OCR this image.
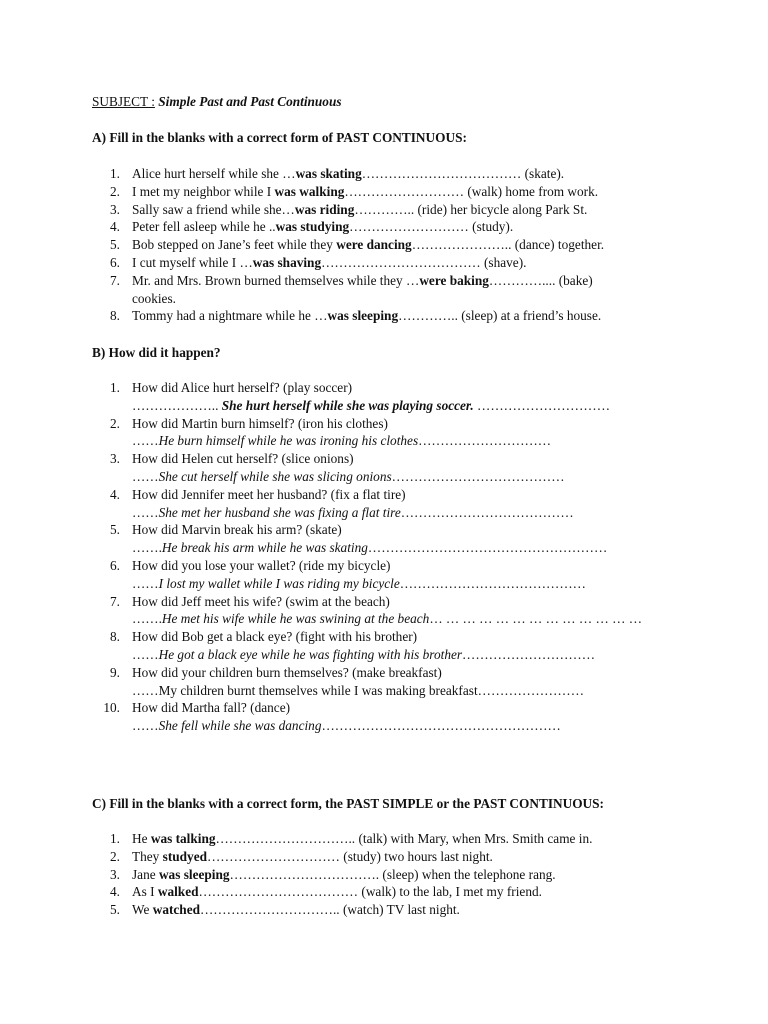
SUBJECT : Simple Past and Past Continuous
A) Fill in the blanks with a correct form of PAST CONTINUOUS:
1. Alice hurt herself while she …was skating……………………………… (skate).
2. I met my neighbor while I was walking……………………… (walk) home from work.
3. Sally saw a friend while she…was riding………….. (ride) her bicycle along Park St.
4. Peter fell asleep while he ..was studying……………………… (study).
5. Bob stepped on Jane’s feet while they were dancing………………….. (dance) together.
6. I cut myself while I …was shaving……………………………… (shave).
7. Mr. and Mrs. Brown burned themselves while they …were baking………….... (bake)
cookies.
8. Tommy had a nightmare while he …was sleeping………….. (sleep) at a friend’s house.
B) How did it happen?
1. How did Alice hurt herself? (play soccer)
……………….. She hurt herself while she was playing soccer. …………………………
2. How did Martin burn himself? (iron his clothes)
……He burn himself while he was ironing his clothes…………………………
3. How did Helen cut herself? (slice onions)
……She cut herself while she was slicing onions…………………………………
4. How did Jennifer meet her husband? (fix a flat tire)
……She met her husband she was fixing a flat tire…………………………………
5. How did Marvin break his arm? (skate)
…….He break his arm while he was skating………………………………………………
6. How did you lose your wallet? (ride my bicycle)
……I lost my wallet while I was riding my bicycle……………………………………
7. How did Jeff meet his wife? (swim at the beach)
…….He met his wife while he was swining at the beach… … … … … … … … … … … … …
8. How did Bob get a black eye? (fight with his brother)
……He got a black eye while he was fighting with his brother…………………………
9. How did your children burn themselves? (make breakfast)
……My children burnt themselves while I was making breakfast……………………
10. How did Martha fall? (dance)
……She fell while she was dancing………………………………………………
C) Fill in the blanks with a correct form, the PAST SIMPLE or the PAST CONTINUOUS:
1. He was talking………………………….. (talk) with Mary, when Mrs. Smith came in.
2. They studyed………………………… (study) two hours last night.
3. Jane was sleeping……………………………. (sleep) when the telephone rang.
4. As I walked……………………………… (walk) to the lab, I met my friend.
5. We watched………………………….. (watch) TV last night.
